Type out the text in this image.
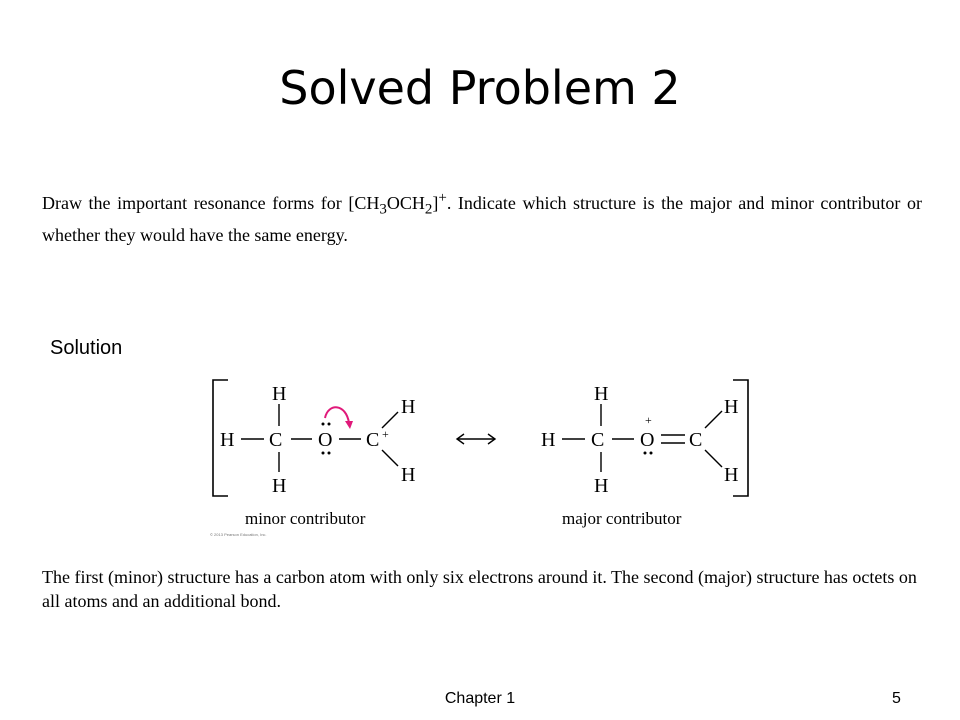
Solved Problem 2
Draw the important resonance forms for $[CH_3OCH_2]^+$. Indicate which structure is the major and minor contributor or whether they would have the same energy.
Solution
H C
H
H
O C +
H
H
H C
H
H
O
+
C
H
H
minor contributor	major contributor
© 2013 Pearson Education, Inc.
The first (minor) structure has a carbon atom with only six electrons around it. The second (major) structure has octets on all atoms and an additional bond.
Chapter 1	5
